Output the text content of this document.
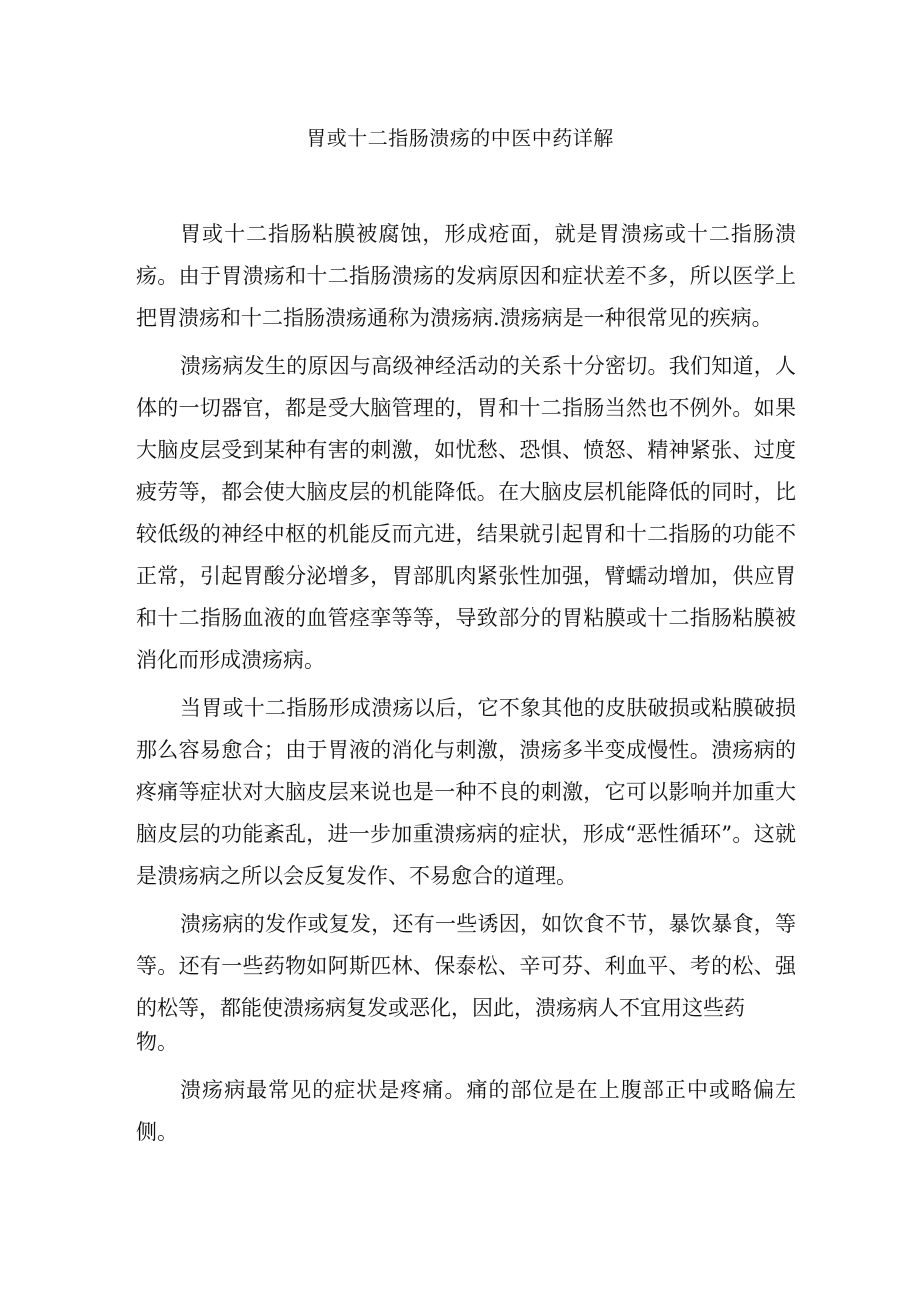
胃或十二指肠溃疡的中医中药详解

胃或十二指肠粘膜被腐蚀，形成疮面，就是胃溃疡或十二指肠溃疡。由于胃溃疡和十二指肠溃疡的发病原因和症状差不多，所以医学上把胃溃疡和十二指肠溃疡通称为溃疡病.溃疡病是一种很常见的疾病。

溃疡病发生的原因与高级神经活动的关系十分密切。我们知道，人体的一切器官，都是受大脑管理的，胃和十二指肠当然也不例外。如果大脑皮层受到某种有害的刺激，如忧愁、恐惧、愤怒、精神紧张、过度疲劳等，都会使大脑皮层的机能降低。在大脑皮层机能降低的同时，比较低级的神经中枢的机能反而亢进，结果就引起胃和十二指肠的功能不正常，引起胃酸分泌增多，胃部肌肉紧张性加强，臂蠕动增加，供应胃和十二指肠血液的血管痉挛等等，导致部分的胃粘膜或十二指肠粘膜被消化而形成溃疡病。

当胃或十二指肠形成溃疡以后，它不象其他的皮肤破损或粘膜破损那么容易愈合；由于胃液的消化与刺激，溃疡多半变成慢性。溃疡病的疼痛等症状对大脑皮层来说也是一种不良的刺激，它可以影响并加重大脑皮层的功能紊乱，进一步加重溃疡病的症状，形成“恶性循环”。这就是溃疡病之所以会反复发作、不易愈合的道理。

溃疡病的发作或复发，还有一些诱因，如饮食不节，暴饮暴食，等等。还有一些药物如阿斯匹林、保泰松、辛可芬、利血平、考的松、强的松等，都能使溃疡病复发或恶化，因此，溃疡病人不宜用这些药
物。

溃疡病最常见的症状是疼痛。痛的部位是在上腹部正中或略偏左侧。
